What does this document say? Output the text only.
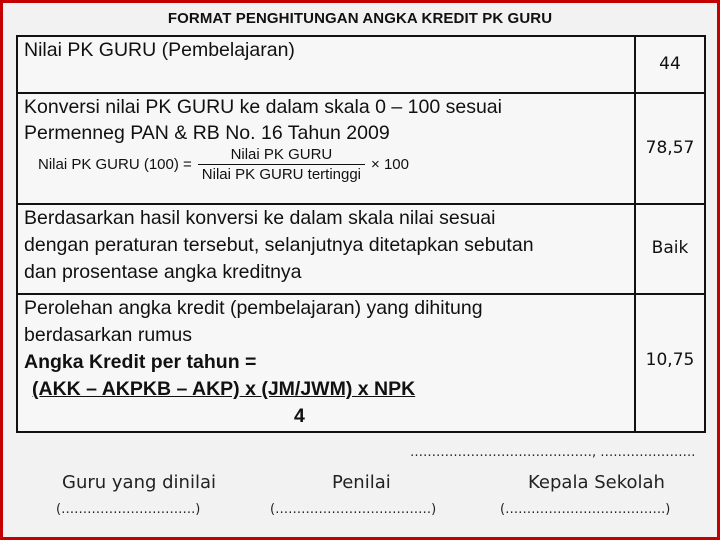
FORMAT PENGHITUNGAN ANGKA KREDIT PK GURU
Nilai PK GURU (Pembelajaran)
44
Konversi nilai PK GURU ke dalam skala 0 – 100 sesuai
Permenneg PAN & RB No. 16 Tahun 2009
Nilai PK GURU $(100) = \frac{\text{Nilai PK GURU}}{\text{Nilai PK GURU tertinggi}} \times 100$
78,57
Berdasarkan hasil konversi ke dalam skala nilai sesuai
dengan peraturan tersebut, selanjutnya ditetapkan sebutan
dan prosentase angka kreditnya
Baik
Perolehan angka kredit (pembelajaran) yang dihitung
berdasarkan rumus
Angka Kredit per tahun =
(AKK – AKPKB – AKP) x (JM/JWM) x NPK
4
10,75
……………………………………, ………………….
Guru yang dinilai
(………………………….)
Penilai
(………………………………)
Kepala Sekolah
(……………………………….)
